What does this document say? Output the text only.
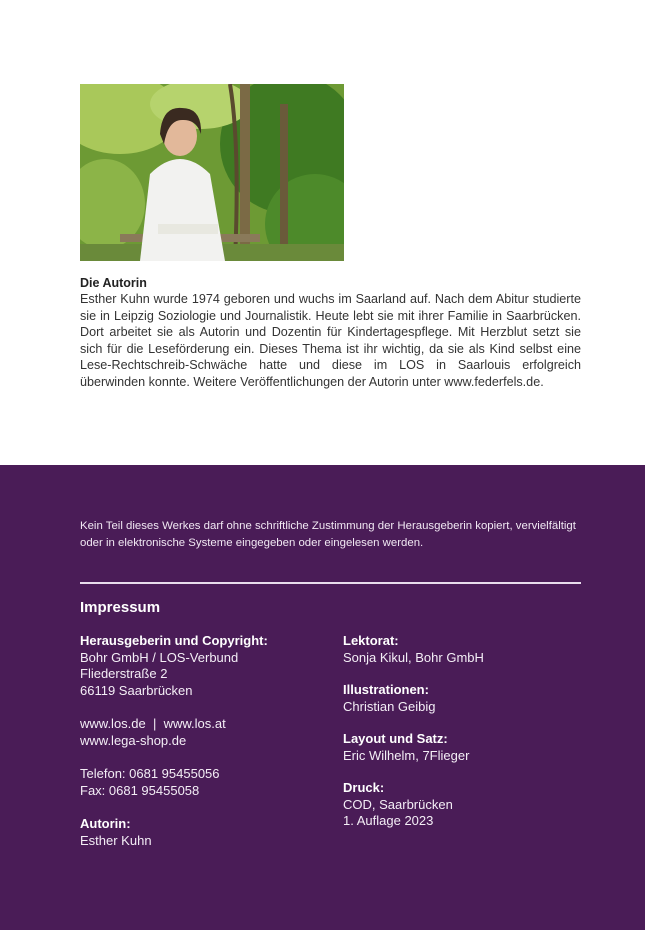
Die Autorin
Esther Kuhn wurde 1974 geboren und wuchs im Saarland auf. Nach dem Abitur studierte sie in Leipzig Soziologie und Journalistik. Heute lebt sie mit ihrer Familie in Saarbrücken. Dort arbeitet sie als Autorin und Dozentin für Kindertagespflege. Mit Herzblut setzt sie sich für die Leseförderung ein. Dieses Thema ist ihr wichtig, da sie als Kind selbst eine Lese-Rechtschreib-Schwäche hatte und diese im LOS in Saarlouis erfolgreich überwinden konnte. Weitere Veröffentlichungen der Autorin unter www.federfels.de.
Kein Teil dieses Werkes darf ohne schriftliche Zustimmung der Herausgeberin kopiert, vervielfältigt oder in elektronische Systeme eingegeben oder eingelesen werden.
Impressum
Herausgeberin und Copyright:
Bohr GmbH / LOS-Verbund
Fliederstraße 2
66119 Saarbrücken
www.los.de  |  www.los.at
www.lega-shop.de
Telefon: 0681 95455056
Fax: 0681 95455058
Autorin:
Esther Kuhn
Lektorat:
Sonja Kikul, Bohr GmbH
Illustrationen:
Christian Geibig
Layout und Satz:
Eric Wilhelm, 7Flieger
Druck:
COD, Saarbrücken
1. Auflage 2023
